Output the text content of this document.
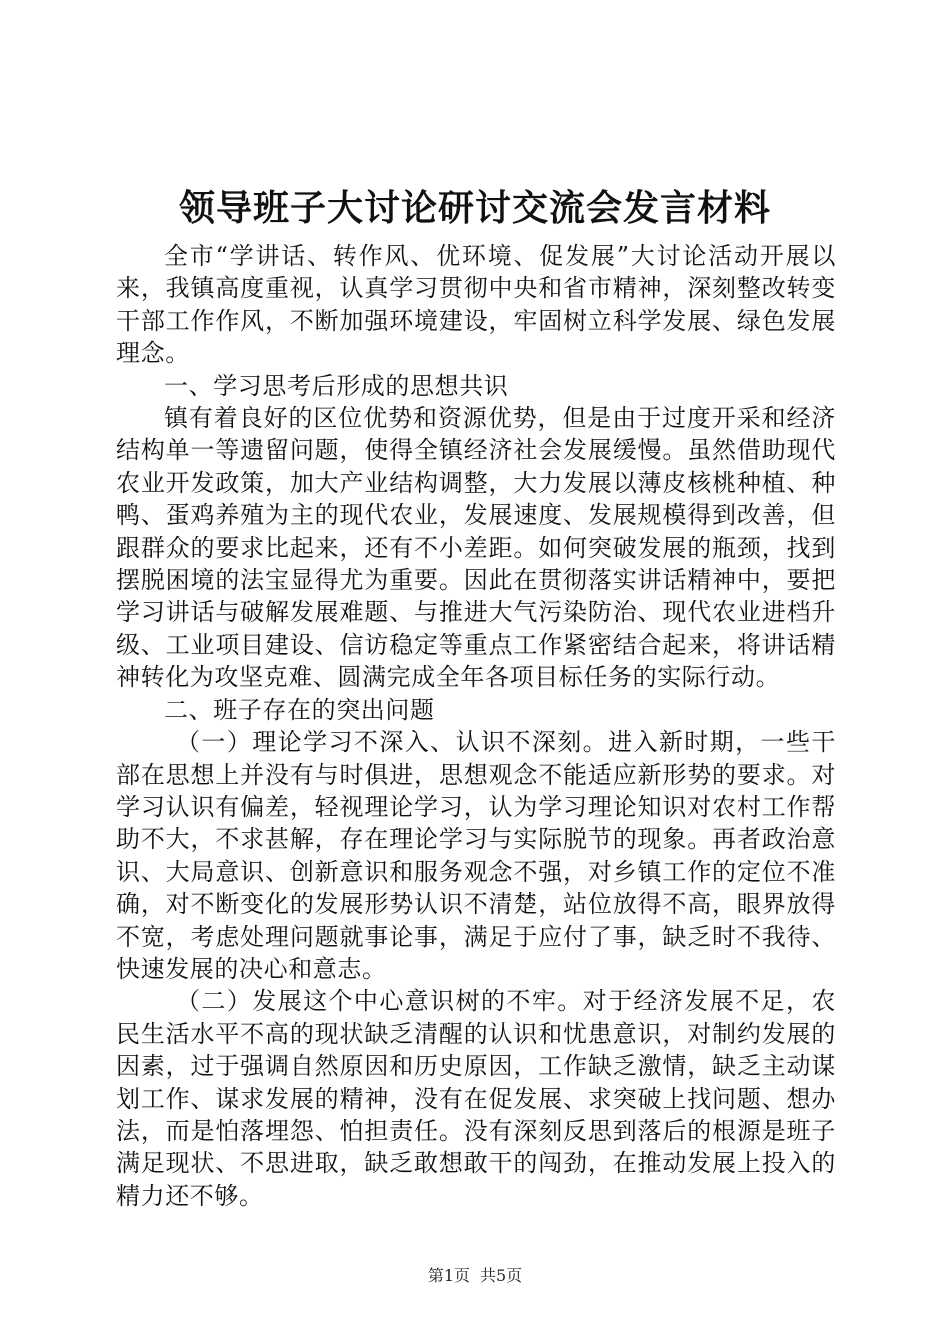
领导班子大讨论研讨交流会发言材料

全市“学讲话、转作风、优环境、促发展”大讨论活动开展以来，我镇高度重视，认真学习贯彻中央和省市精神，深刻整改转变干部工作作风，不断加强环境建设，牢固树立科学发展、绿色发展理念。

一、学习思考后形成的思想共识

镇有着良好的区位优势和资源优势，但是由于过度开采和经济结构单一等遗留问题，使得全镇经济社会发展缓慢。虽然借助现代农业开发政策，加大产业结构调整，大力发展以薄皮核桃种植、种鸭、蛋鸡养殖为主的现代农业，发展速度、发展规模得到改善，但跟群众的要求比起来，还有不小差距。如何突破发展的瓶颈，找到摆脱困境的法宝显得尤为重要。因此在贯彻落实讲话精神中，要把学习讲话与破解发展难题、与推进大气污染防治、现代农业进档升级、工业项目建设、信访稳定等重点工作紧密结合起来，将讲话精神转化为攻坚克难、圆满完成全年各项目标任务的实际行动。

二、班子存在的突出问题

（一）理论学习不深入、认识不深刻。进入新时期，一些干部在思想上并没有与时俱进，思想观念不能适应新形势的要求。对学习认识有偏差，轻视理论学习，认为学习理论知识对农村工作帮助不大，不求甚解，存在理论学习与实际脱节的现象。再者政治意识、大局意识、创新意识和服务观念不强，对乡镇工作的定位不准确，对不断变化的发展形势认识不清楚，站位放得不高，眼界放得不宽，考虑处理问题就事论事，满足于应付了事，缺乏时不我待、快速发展的决心和意志。

（二）发展这个中心意识树的不牢。对于经济发展不足，农民生活水平不高的现状缺乏清醒的认识和忧患意识，对制约发展的因素，过于强调自然原因和历史原因，工作缺乏激情，缺乏主动谋划工作、谋求发展的精神，没有在促发展、求突破上找问题、想办法，而是怕落埋怨、怕担责任。没有深刻反思到落后的根源是班子满足现状、不思进取，缺乏敢想敢干的闯劲，在推动发展上投入的精力还不够。

第1页 共5页
